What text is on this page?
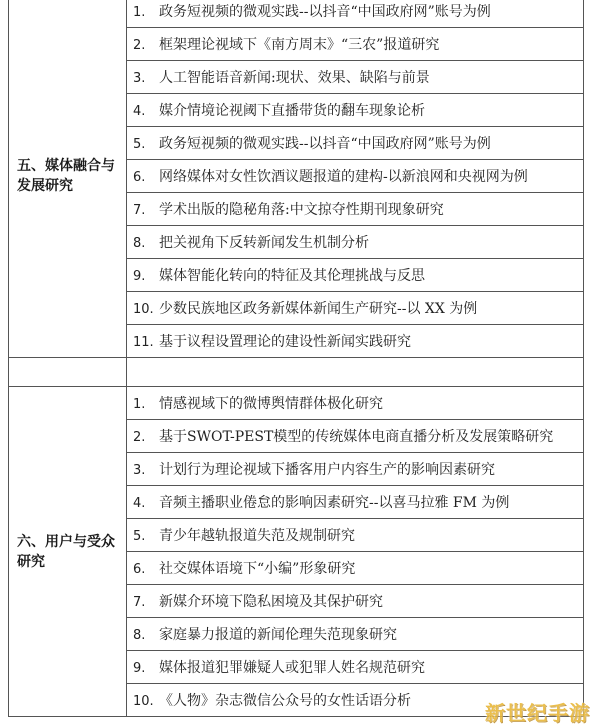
五、媒体融合与发展研究	1. 政务短视频的微观实践--以抖音“中国政府网”账号为例
	2. 框架理论视域下《南方周末》“三农”报道研究
	3. 人工智能语音新闻:现状、效果、缺陷与前景
	4. 媒介情境论视阈下直播带货的翻车现象论析
	5. 政务短视频的微观实践--以抖音“中国政府网”账号为例
	6. 网络媒体对女性饮酒议题报道的建构-以新浪网和央视网为例
	7. 学术出版的隐秘角落:中文掠夺性期刊现象研究
	8. 把关视角下反转新闻发生机制分析
	9. 媒体智能化转向的特征及其伦理挑战与反思
	10. 少数民族地区政务新媒体新闻生产研究--以 XX 为例
	11. 基于议程设置理论的建设性新闻实践研究

六、用户与受众研究	1. 情感视域下的微博舆情群体极化研究
	2. 基于SWOT-PEST模型的传统媒体电商直播分析及发展策略研究
	3. 计划行为理论视域下播客用户内容生产的影响因素研究
	4. 音频主播职业倦怠的影响因素研究--以喜马拉雅 FM 为例
	5. 青少年越轨报道失范及规制研究
	6. 社交媒体语境下“小编”形象研究
	7. 新媒介环境下隐私困境及其保护研究
	8. 家庭暴力报道的新闻伦理失范现象研究
	9. 媒体报道犯罪嫌疑人或犯罪人姓名规范研究
	10. 《人物》杂志微信公众号的女性话语分析	新世纪手游
